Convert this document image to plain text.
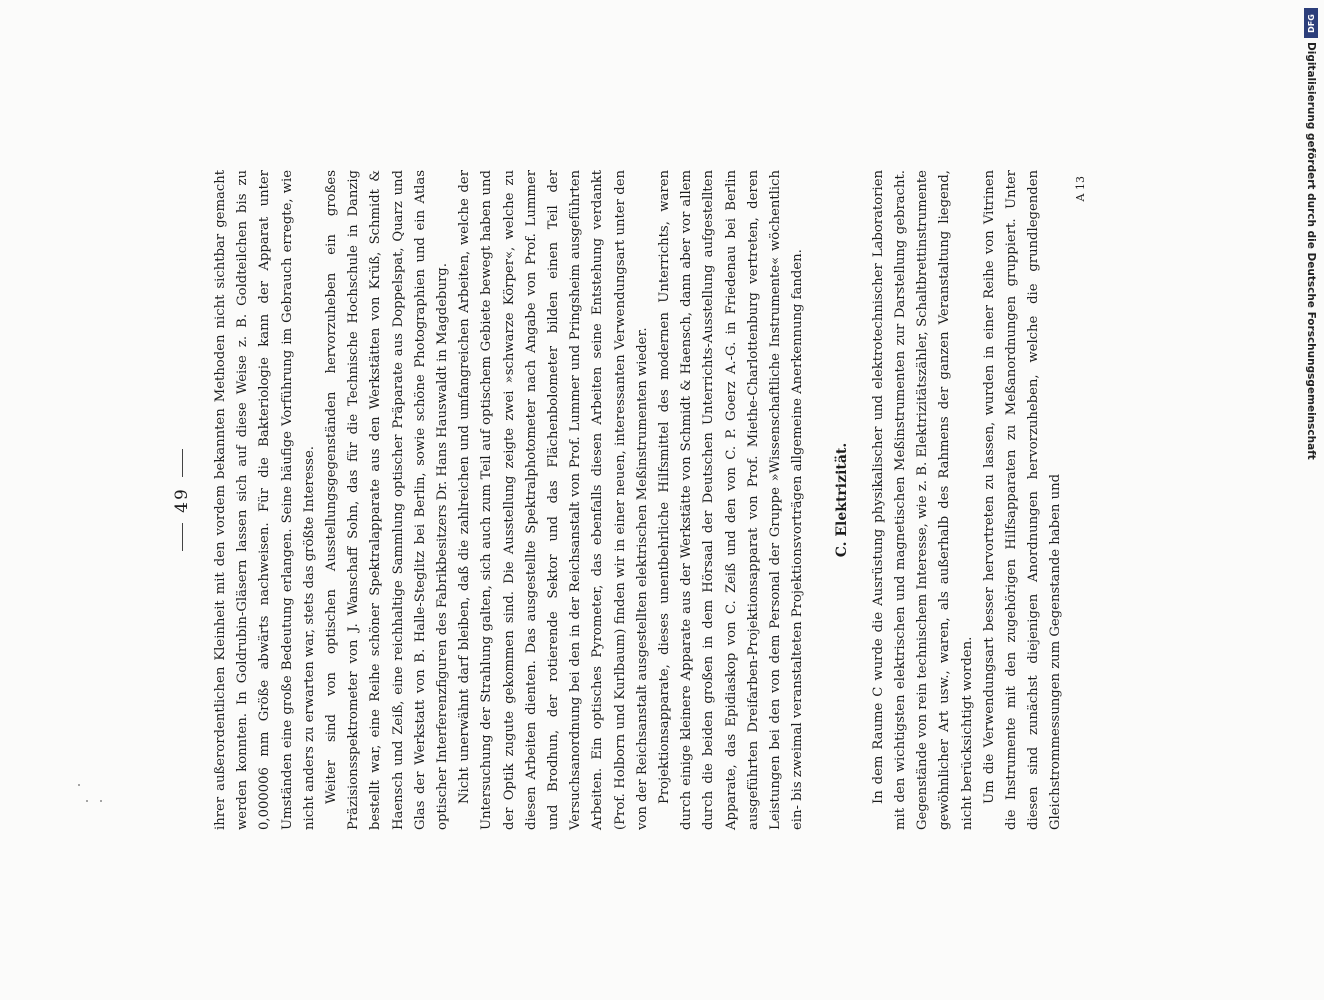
49 ihrer außerordentlichen Kleinheit mit den vordem bekannten Methoden nicht sichtbar gemacht werden konnten. In Goldrubin-Gläsern lassen sich auf diese Weise z. B. Goldteilchen bis zu 0,000006 mm Größe abwärts nachweisen. Für die Bakteriologie kann der Apparat unter Umständen eine große Bedeutung erlangen. Seine häufige Vorführung im Gebrauch erregte, wie nicht anders zu erwarten war, stets das größte Interesse. Weiter sind von optischen Ausstellungsgegenständen hervorzuheben ein großes Präzisionsspektrometer von J. Wanschaff Sohn, das für die Technische Hochschule in Danzig bestellt war, eine Reihe schöner Spektralapparate aus den Werkstätten von Krüß, Schmidt & Haensch und Zeiß, eine reichhaltige Sammlung optischer Präparate aus Doppelspat, Quarz und Glas der Werkstatt von B. Halle-Steglitz bei Berlin, sowie schöne Photographien und ein Atlas optischer Interferenzfiguren des Fabrikbesitzers Dr. Hans Hauswaldt in Magdeburg. Nicht unerwähnt darf bleiben, daß die zahlreichen und umfangreichen Arbeiten, welche der Untersuchung der Strahlung galten, sich auch zum Teil auf optischem Gebiete bewegt haben und der Optik zugute gekommen sind. Die Ausstellung zeigte zwei »schwarze Körper«, welche zu diesen Arbeiten dienten. Das ausgestellte Spektralphotometer nach Angabe von Prof. Lummer und Brodhun, der rotierende Sektor und das Flächenbolometer bilden einen Teil der Versuchsanordnung bei den in der Reichsanstalt von Prof. Lummer und Pringsheim ausgeführten Arbeiten. Ein optisches Pyrometer, das ebenfalls diesen Arbeiten seine Entstehung verdankt (Prof. Holborn und Kurlbaum) finden wir in einer neuen, interessanten Verwendungsart unter den von der Reichsanstalt ausgestellten elektrischen Meßinstrumenten wieder. Projektionsapparate, dieses unentbehrliche Hilfsmittel des modernen Unterrichts, waren durch einige kleinere Apparate aus der Werkstätte von Schmidt & Haensch, dann aber vor allem durch die beiden großen in dem Hörsaal der Deutschen Unterrichts-Ausstellung aufgestellten Apparate, das Epidiaskop von C. Zeiß und den von C. P. Goerz A.-G. in Friedenau bei Berlin ausgeführten Dreifarben-Projektionsapparat von Prof. Miethe-Charlottenburg vertreten, deren Leistungen bei den von dem Personal der Gruppe »Wissenschaftliche Instrumente« wöchentlich ein- bis zweimal veranstalteten Projektionsvorträgen allgemeine Anerkennung fanden.	C. Elektrizität. In dem Raume C wurde die Ausrüstung physikalischer und elektrotechnischer Laboratorien mit den wichtigsten elektrischen und magnetischen Meßinstrumenten zur Darstellung gebracht. Gegenstände von rein technischem Interesse, wie z. B. Elektrizitätszähler, Schaltbrettinstrumente gewöhnlicher Art usw., waren, als außerhalb des Rahmens der ganzen Veranstaltung liegend, nicht berücksichtigt worden. Um die Verwendungsart besser hervortreten zu lassen, wurden in einer Reihe von Vitrinen die Instrumente mit den zugehörigen Hilfsapparaten zu Meßanordnungen gruppiert. Unter diesen sind zunächst diejenigen Anordnungen hervorzuheben, welche die grundlegenden Gleichstrommessungen zum Gegenstande haben und

A 13
DFG
Digitalisierung gefördert durch die Deutsche Forschungsgemeinschaft
